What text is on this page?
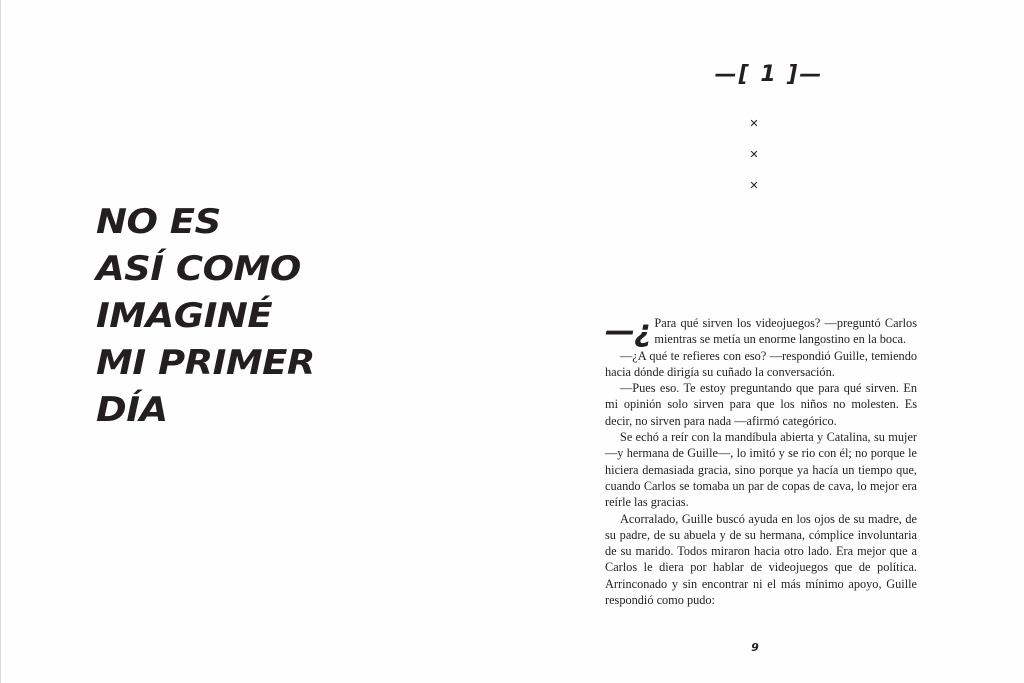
NO ES
ASÍ COMO
IMAGINÉ
MI PRIMER
DÍA
—[ 1 ]—
✕
✕
✕

—¿ Para qué sirven los videojuegos? —preguntó Carlos mientras se metía un enorme langostino en la boca.

—¿A qué te refieres con eso? —respondió Guille, temiendo hacia dónde dirigía su cuñado la conversación.

—Pues eso. Te estoy preguntando que para qué sirven. En mi opinión solo sirven para que los niños no molesten. Es decir, no sirven para nada —afirmó categórico.

Se echó a reír con la mandíbula abierta y Catalina, su mujer —y hermana de Guille—, lo imitó y se rio con él; no porque le hiciera demasiada gracia, sino porque ya hacía un tiempo que, cuando Carlos se tomaba un par de copas de cava, lo mejor era reírle las gracias.

Acorralado, Guille buscó ayuda en los ojos de su madre, de su padre, de su abuela y de su hermana, cómplice involuntaria de su marido. Todos miraron hacia otro lado. Era mejor que a Carlos le diera por hablar de videojuegos que de política. Arrinconado y sin encontrar ni el más mínimo apoyo, Guille respondió como pudo:

9
